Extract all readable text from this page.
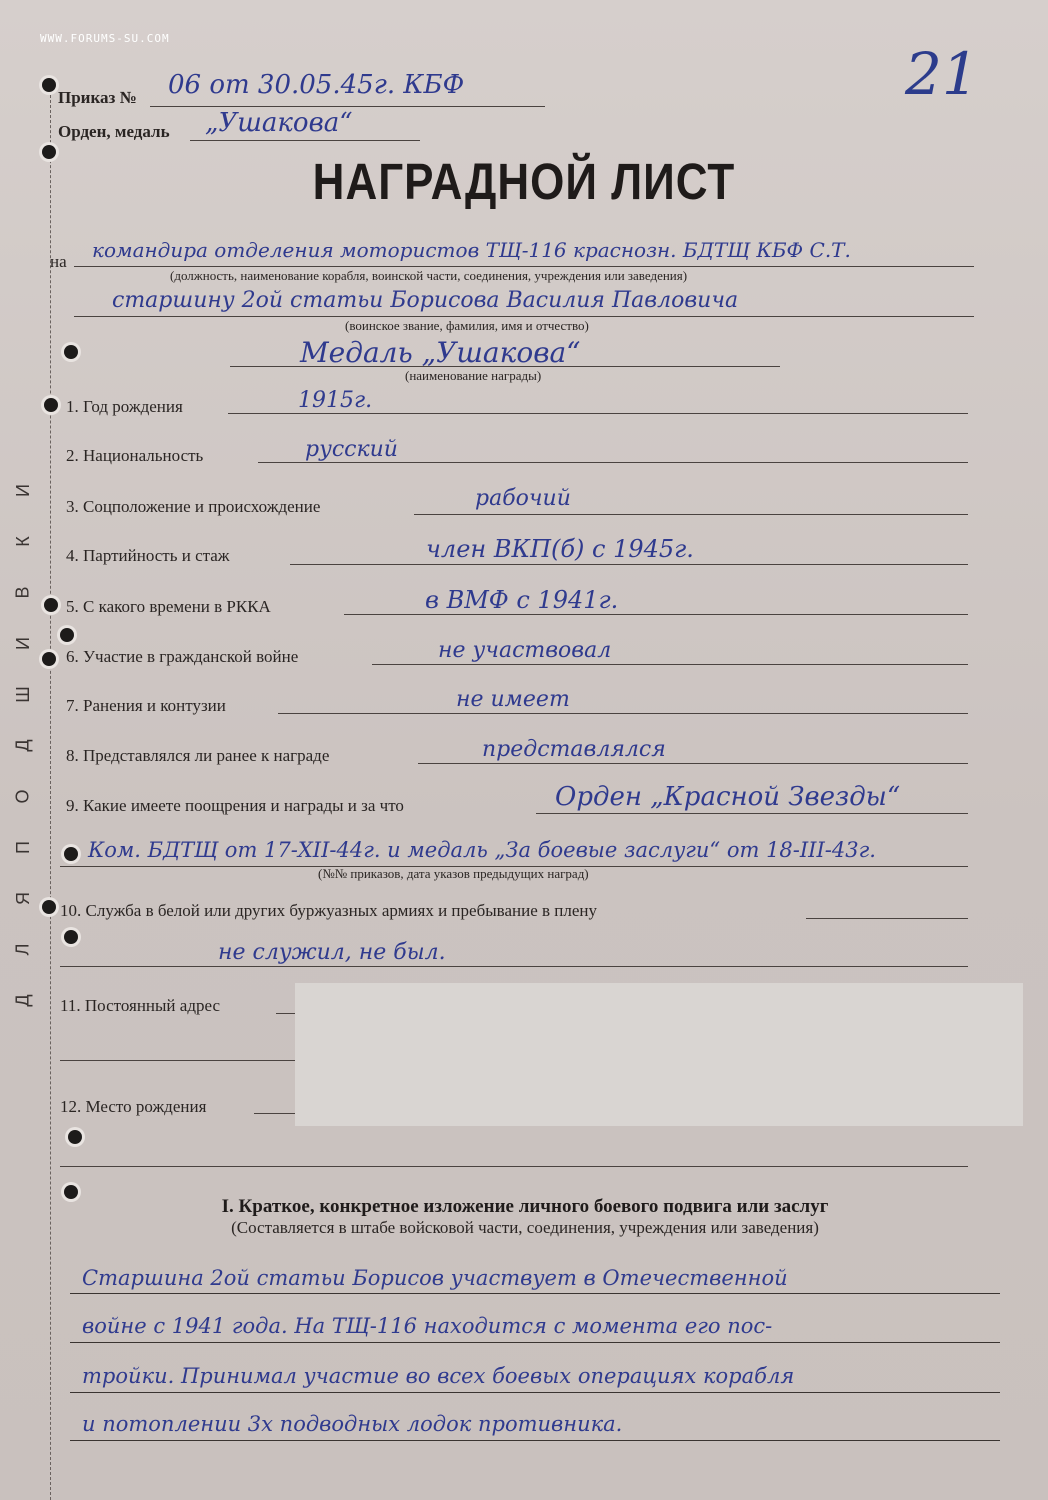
WWW.FORUMS-SU.COM
21
Приказ № 06 от 30.05.45г. КБФ
Орден, медаль „Ушакова“
НАГРАДНОЙ ЛИСТ
на командира отделения мотористов ТЩ-116 краснозн. БДТЩ КБФ С.Т.
(должность, наименование корабля, воинской части, соединения, учреждения или заведения)
старшину 2ой статьи Борисова Василия Павловича
(воинское звание, фамилия, имя и отчество)
Медаль „Ушакова“
(наименование награды)
1. Год рождения	1915г.
2. Национальность	русский
3. Соцположение и происхождение	рабочий
4. Партийность и стаж	член ВКП(б) с 1945г.
5. С какого времени в РККА	в ВМФ с 1941г.
6. Участие в гражданской войне	не участвовал
7. Ранения и контузии	не имеет
8. Представлялся ли ранее к награде	представлялся
9. Какие имеете поощрения и награды и за что	Орден „Красной Звезды“
Ком. БДТЩ от 17-XII-44г. и медаль „За боевые заслуги“ от 18-III-43г.
(№№ приказов, дата указов предыдущих наград)
10. Служба в белой или других буржуазных армиях и пребывание в плену
не служил, не был.
11. Постоянный адрес
12. Место рождения
И
К
В
И
Ш
Д
О
П
Я
Л
Д
I. Краткое, конкретное изложение личного боевого подвига или заслуг
(Составляется в штабе войсковой части, соединения, учреждения или заведения)
Старшина 2ой статьи Борисов участвует в Отечественной
войне с 1941 года. На ТЩ-116 находится с момента его пос-
тройки. Принимал участие во всех боевых операциях корабля
и потоплении 3х подводных лодок противника.
